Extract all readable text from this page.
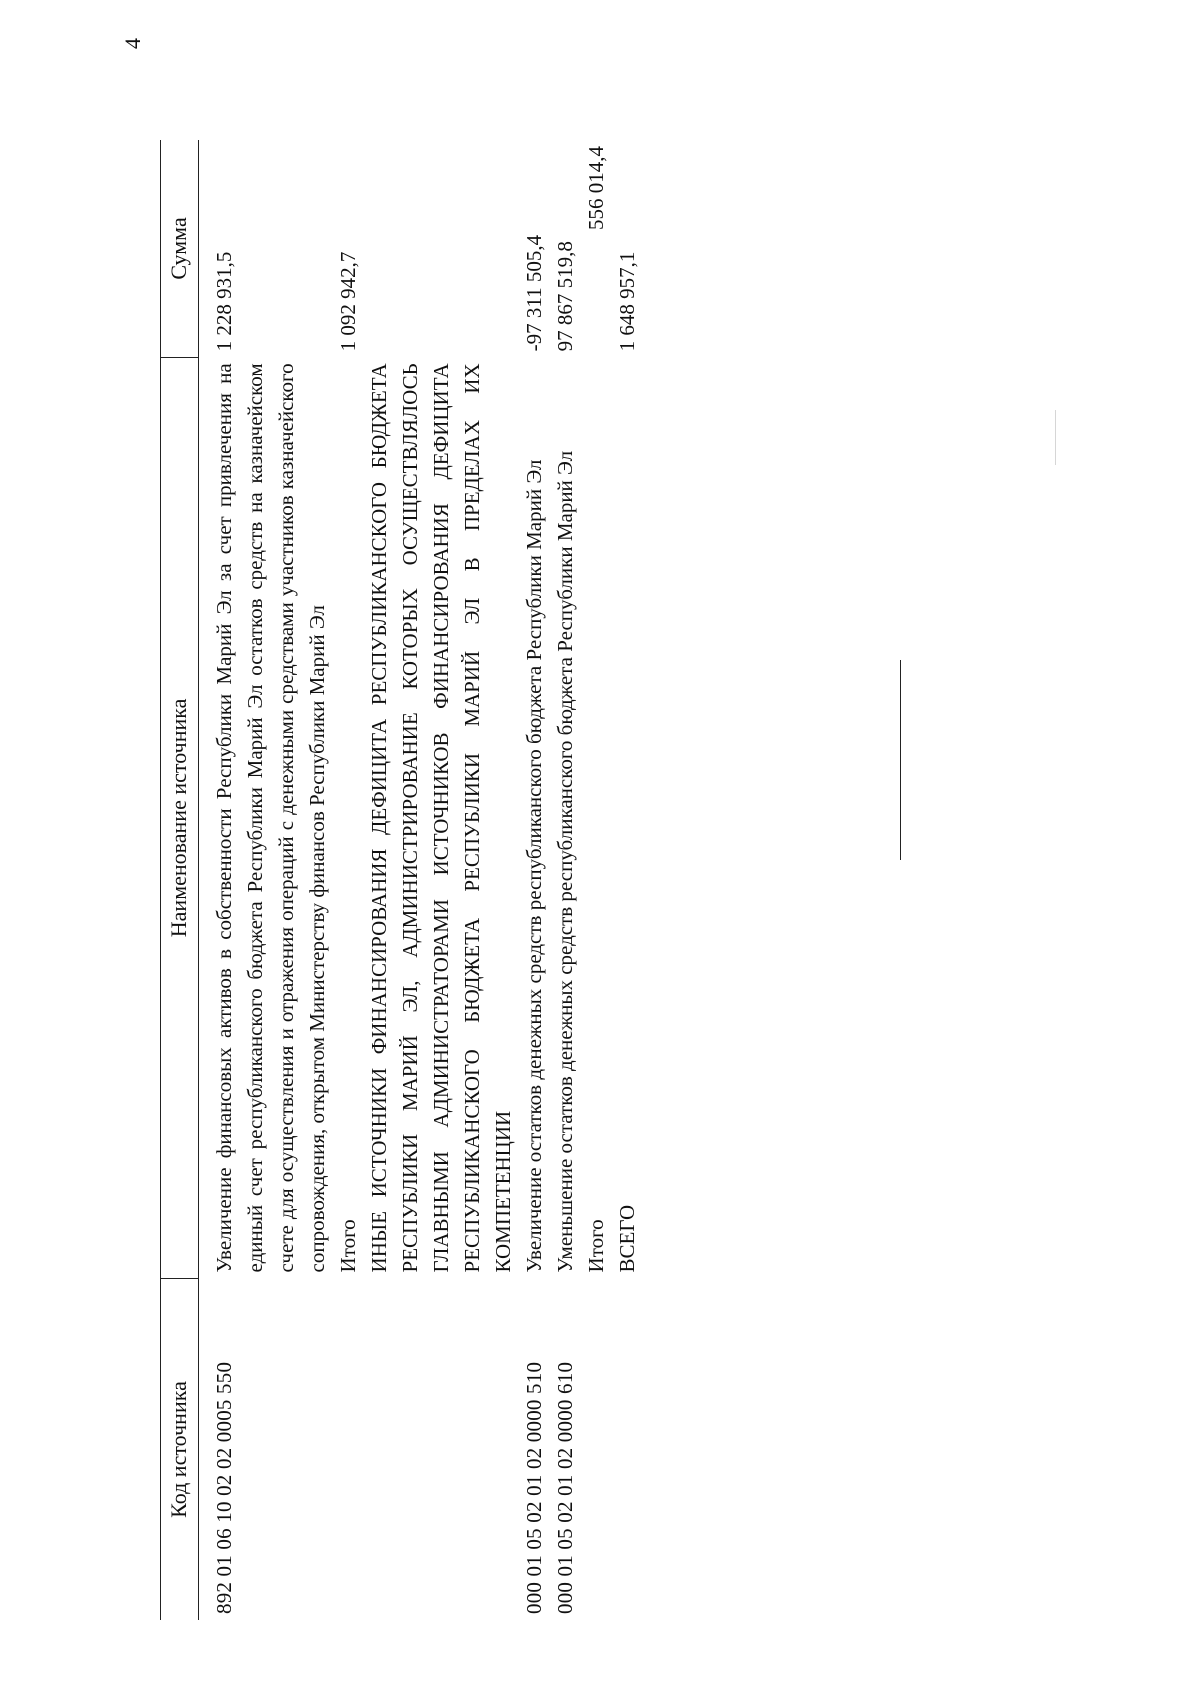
4
Код источника	Наименование источника	Сумма

892 01 06 10 02 02 0005 550	Увеличение финансовых активов в собственности Республики Марий Эл за счет привлечения на единый счет республиканского бюджета Республики Марий Эл остатков средств на казначейском счете для осуществления и отражения операций с денежными средствами участников казначейского сопровождения, открытом Министерству финансов Республики Марий Эл	1 228 931,5
	Итого	1 092 942,7
	ИНЫЕ ИСТОЧНИКИ ФИНАНСИРОВАНИЯ ДЕФИЦИТА РЕСПУБЛИКАНСКОГО БЮДЖЕТА РЕСПУБЛИКИ МАРИЙ ЭЛ, АДМИНИСТРИРОВАНИЕ КОТОРЫХ ОСУЩЕСТВЛЯЛОСЬ ГЛАВНЫМИ АДМИНИСТРАТОРАМИ ИСТОЧНИКОВ ФИНАНСИРОВАНИЯ ДЕФИЦИТА РЕСПУБЛИКАНСКОГО БЮДЖЕТА РЕСПУБЛИКИ МАРИЙ ЭЛ В ПРЕДЕЛАХ ИХ КОМПЕТЕНЦИИ	
000 01 05 02 01 02 0000 510	Увеличение остатков денежных средств республиканского бюджета Республики Марий Эл	-97 311 505,4
000 01 05 02 01 02 0000 610	Уменьшение остатков денежных средств республиканского бюджета Республики Марий Эл	97 867 519,8
	Итого	556 014,4
	ВСЕГО	1 648 957,1
